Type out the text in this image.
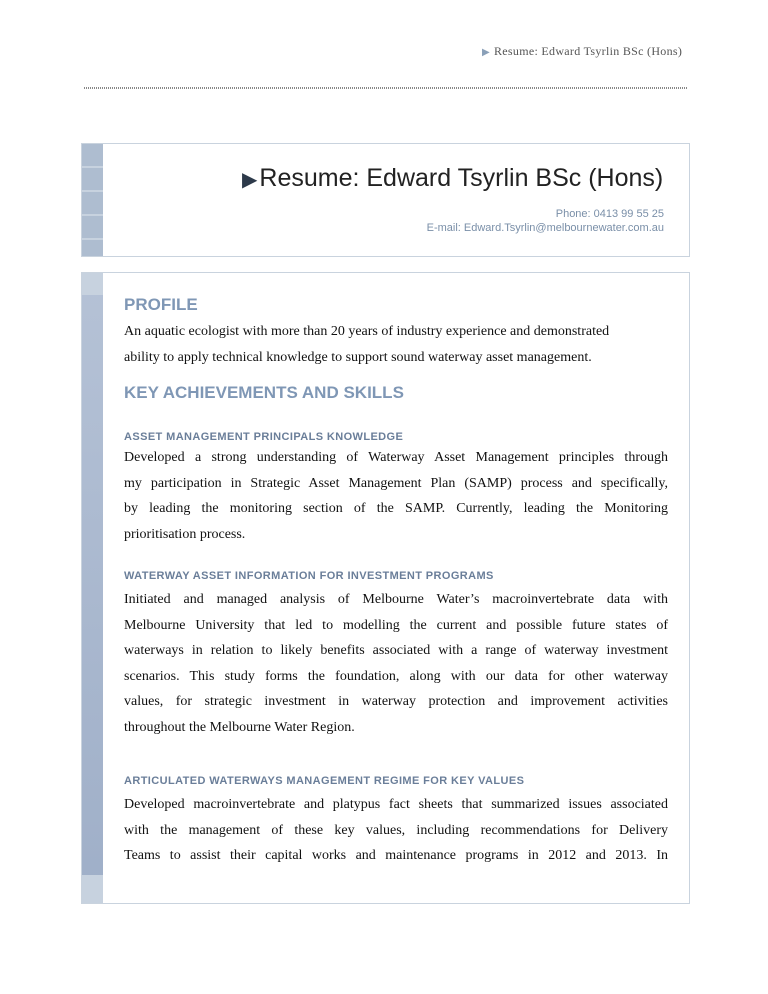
▶ Resume: Edward Tsyrlin BSc (Hons)
▶Resume: Edward Tsyrlin BSc (Hons)
Phone: 0413 99 55 25
E-mail: Edward.Tsyrlin@melbournewater.com.au
PROFILE
An aquatic ecologist with more than 20 years of industry experience and demonstrated
ability to apply technical knowledge to support sound waterway asset management.
KEY ACHIEVEMENTS AND SKILLS
ASSET MANAGEMENT PRINCIPALS KNOWLEDGE
Developed a strong understanding of Waterway Asset Management principles through
my participation in Strategic Asset Management Plan (SAMP) process and specifically,
by leading the monitoring section of the SAMP. Currently, leading the Monitoring
prioritisation process.
WATERWAY ASSET INFORMATION FOR INVESTMENT PROGRAMS
Initiated and managed analysis of Melbourne Water’s macroinvertebrate data with
Melbourne University that led to modelling the current and possible future states of
waterways in relation to likely benefits associated with a range of waterway investment
scenarios. This study forms the foundation, along with our data for other waterway
values, for strategic investment in waterway protection and improvement activities
throughout the Melbourne Water Region.
ARTICULATED WATERWAYS MANAGEMENT REGIME FOR KEY VALUES
Developed macroinvertebrate and platypus fact sheets that summarized issues associated
with the management of these key values, including recommendations for Delivery
Teams to assist their capital works and maintenance programs in 2012 and 2013. In
